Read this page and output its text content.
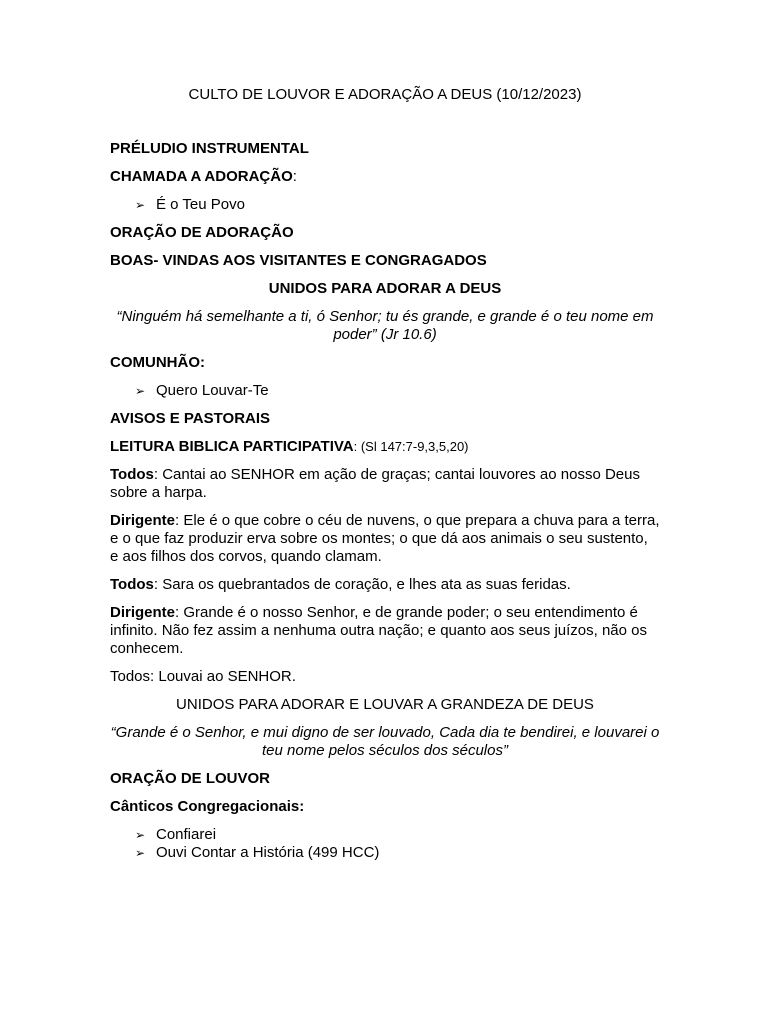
CULTO DE LOUVOR E ADORAÇÃO A DEUS (10/12/2023)

PRÉLUDIO INSTRUMENTAL

CHAMADA A ADORAÇÃO:

➢ É o Teu Povo

ORAÇÃO DE ADORAÇÃO

BOAS- VINDAS AOS VISITANTES E CONGRAGADOS

UNIDOS PARA ADORAR A DEUS

“Ninguém há semelhante a ti, ó Senhor; tu és grande, e grande é o teu nome em poder” (Jr 10.6)

COMUNHÃO:

➢ Quero Louvar-Te

AVISOS E PASTORAIS

LEITURA BIBLICA PARTICIPATIVA: (Sl 147:7-9,3,5,20)

Todos: Cantai ao SENHOR em ação de graças; cantai louvores ao nosso Deus sobre a harpa.

Dirigente: Ele é o que cobre o céu de nuvens, o que prepara a chuva para a terra, e o que faz produzir erva sobre os montes; o que dá aos animais o seu sustento, e aos filhos dos corvos, quando clamam.

Todos: Sara os quebrantados de coração, e lhes ata as suas feridas.

Dirigente: Grande é o nosso Senhor, e de grande poder; o seu entendimento é infinito. Não fez assim a nenhuma outra nação; e quanto aos seus juízos, não os conhecem.

Todos: Louvai ao SENHOR.

UNIDOS PARA ADORAR E LOUVAR A GRANDEZA DE DEUS

“Grande é o Senhor, e mui digno de ser louvado, Cada dia te bendirei, e louvarei o teu nome pelos séculos dos séculos”

ORAÇÃO DE LOUVOR

Cânticos Congregacionais:

➢ Confiarei
➢ Ouvi Contar a História (499 HCC)
